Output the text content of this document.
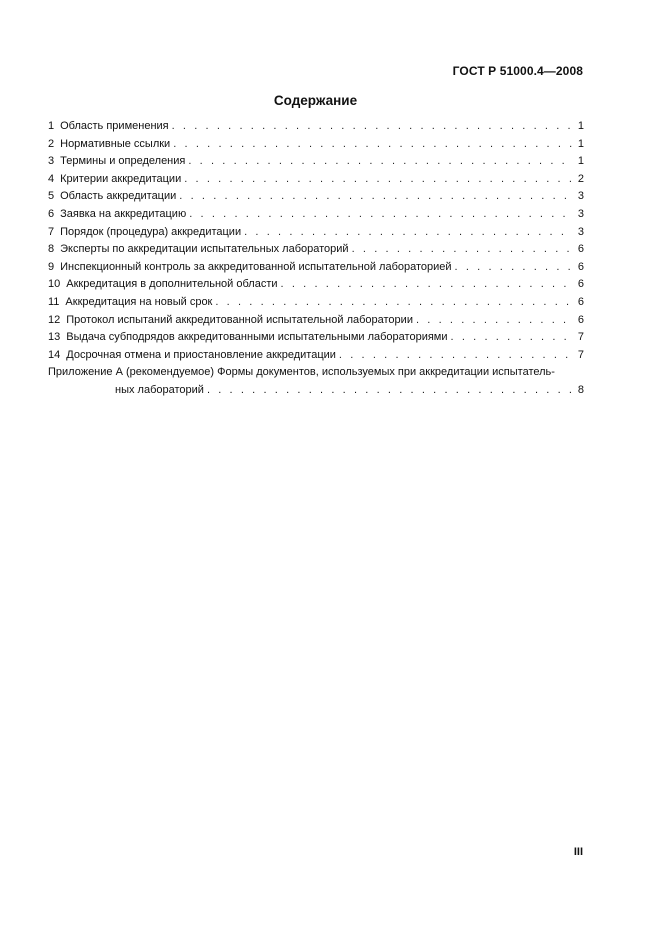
ГОСТ Р 51000.4—2008
Содержание
1 Область применения . . .	1
2 Нормативные ссылки . . .	1
3 Термины и определения . . .	1
4 Критерии аккредитации . . .	2
5 Область аккредитации . . .	3
6 Заявка на аккредитацию . . .	3
7 Порядок (процедура) аккредитации . . .	3
8 Эксперты по аккредитации испытательных лабораторий . . .	6
9 Инспекционный контроль за аккредитованной испытательной лабораторией . . .	6
10 Аккредитация в дополнительной области . . .	6
11 Аккредитация на новый срок . . .	6
12 Протокол испытаний аккредитованной испытательной лаборатории . . .	6
13 Выдача субподрядов аккредитованными испытательными лабораториями . . .	7
14 Досрочная отмена и приостановление аккредитации . . .	7
Приложение А (рекомендуемое) Формы документов, используемых при аккредитации испытатель-
ных лабораторий . . .	8
III
